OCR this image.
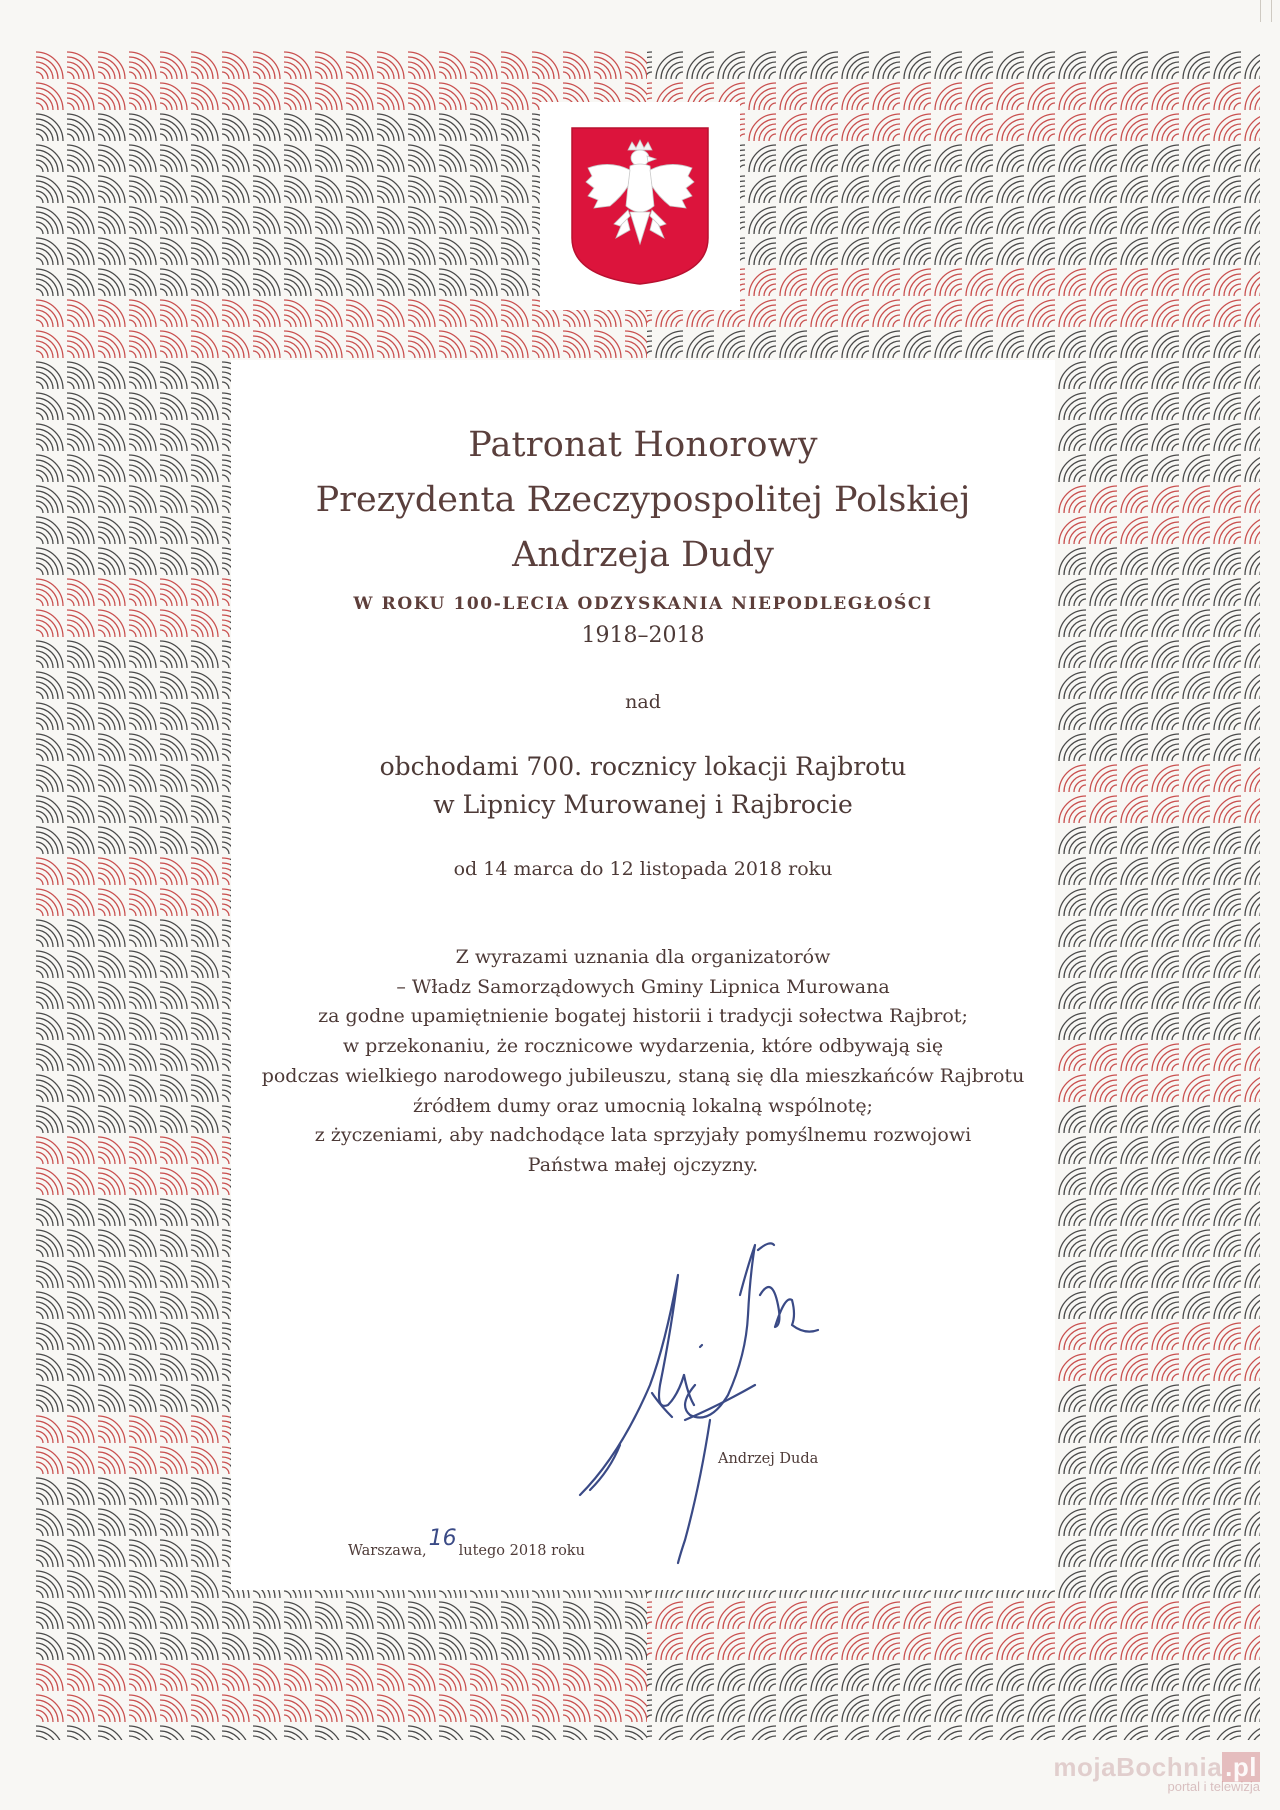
Patronat Honorowy
Prezydenta Rzeczypospolitej Polskiej
Andrzeja Dudy
W ROKU 100-LECIA ODZYSKANIA NIEPODLEGŁOŚCI
1918–2018
nad
obchodami 700. rocznicy lokacji Rajbrotu
w Lipnicy Murowanej i Rajbrocie
od 14 marca do 12 listopada 2018 roku
Z wyrazami uznania dla organizatorów
– Władz Samorządowych Gminy Lipnica Murowana
za godne upamiętnienie bogatej historii i tradycji sołectwa Rajbrot;
w przekonaniu, że rocznicowe wydarzenia, które odbywają się
podczas wielkiego narodowego jubileuszu, staną się dla mieszkańców Rajbrotu
źródłem dumy oraz umocnią lokalną wspólnotę;
z życzeniami, aby nadchodące lata sprzyjały pomyślnemu rozwojowi
Państwa małej ojczyzny.
Andrzej Duda
Warszawa,16 lutego 2018 roku
mojaBochnia .pl
portal i telewizja
